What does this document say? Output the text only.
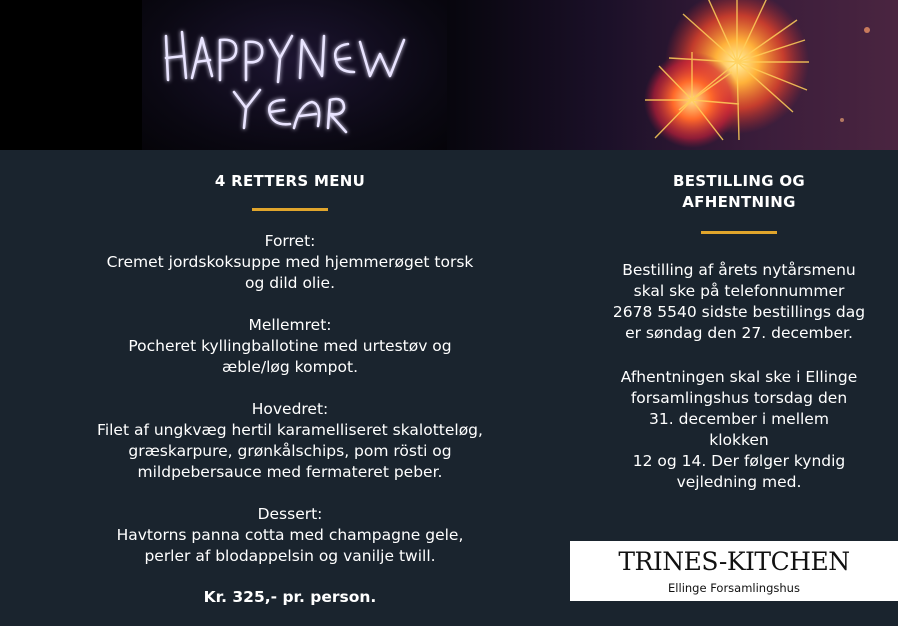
4 RETTERS MENU
Forret:
Cremet jordskoksuppe med hjemmerøget torsk
og dild olie.
Mellemret:
Pocheret kyllingballotine med urtestøv og
æble/løg kompot.
Hovedret:
Filet af ungkvæg hertil karamelliseret skalotteløg,
græskarpure, grønkålschips, pom rösti og
mildpebersauce med fermateret peber.
Dessert:
Havtorns panna cotta med champagne gele,
perler af blodappelsin og vanilje twill.
Kr. 325,- pr. person.
BESTILLING OG
AFHENTNING
Bestilling af årets nytårsmenu
skal ske på telefonnummer
2678 5540 sidste bestillings dag
er søndag den 27. december.
Afhentningen skal ske i Ellinge
forsamlingshus torsdag den
31. december i mellem
klokken
12 og 14. Der følger kyndig
vejledning med.
TRINES-KITCHEN
Ellinge Forsamlingshus
